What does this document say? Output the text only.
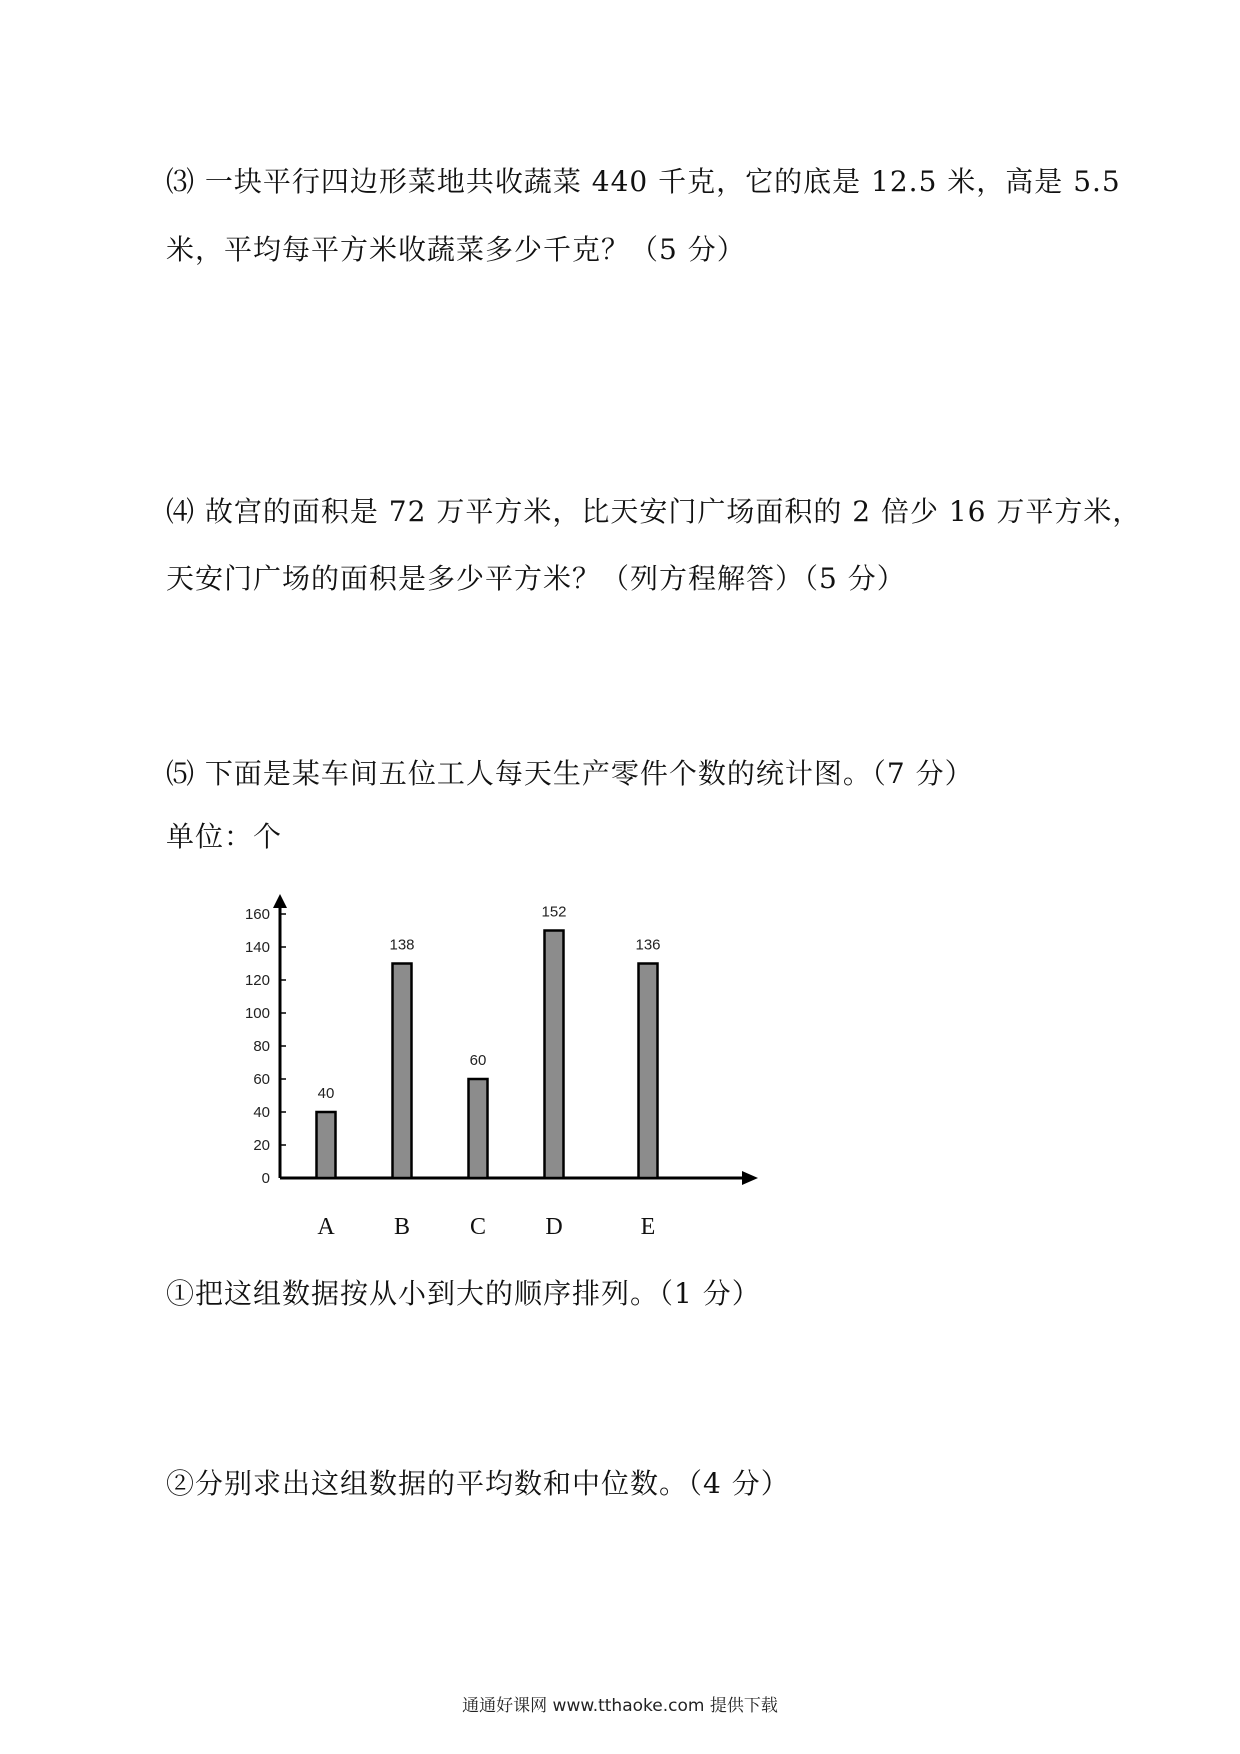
⑶ 一块平行四边形菜地共收蔬菜 440 千克，它的底是 12.5 米，高是 5.5
米，平均每平方米收蔬菜多少千克？（5 分）
⑷ 故宫的面积是 72 万平方米，比天安门广场面积的 2 倍少 16 万平方米，
天安门广场的面积是多少平方米？（列方程解答）（5 分）
⑸ 下面是某车间五位工人每天生产零件个数的统计图。（7 分）
单位：个
0
20
40
60
80
100
120
140
160
40
A
138
B
60
C
152
D
136
E
①把这组数据按从小到大的顺序排列。（1 分）
②分别求出这组数据的平均数和中位数。（4 分）
通通好课网 www.tthaoke.com 提供下载
